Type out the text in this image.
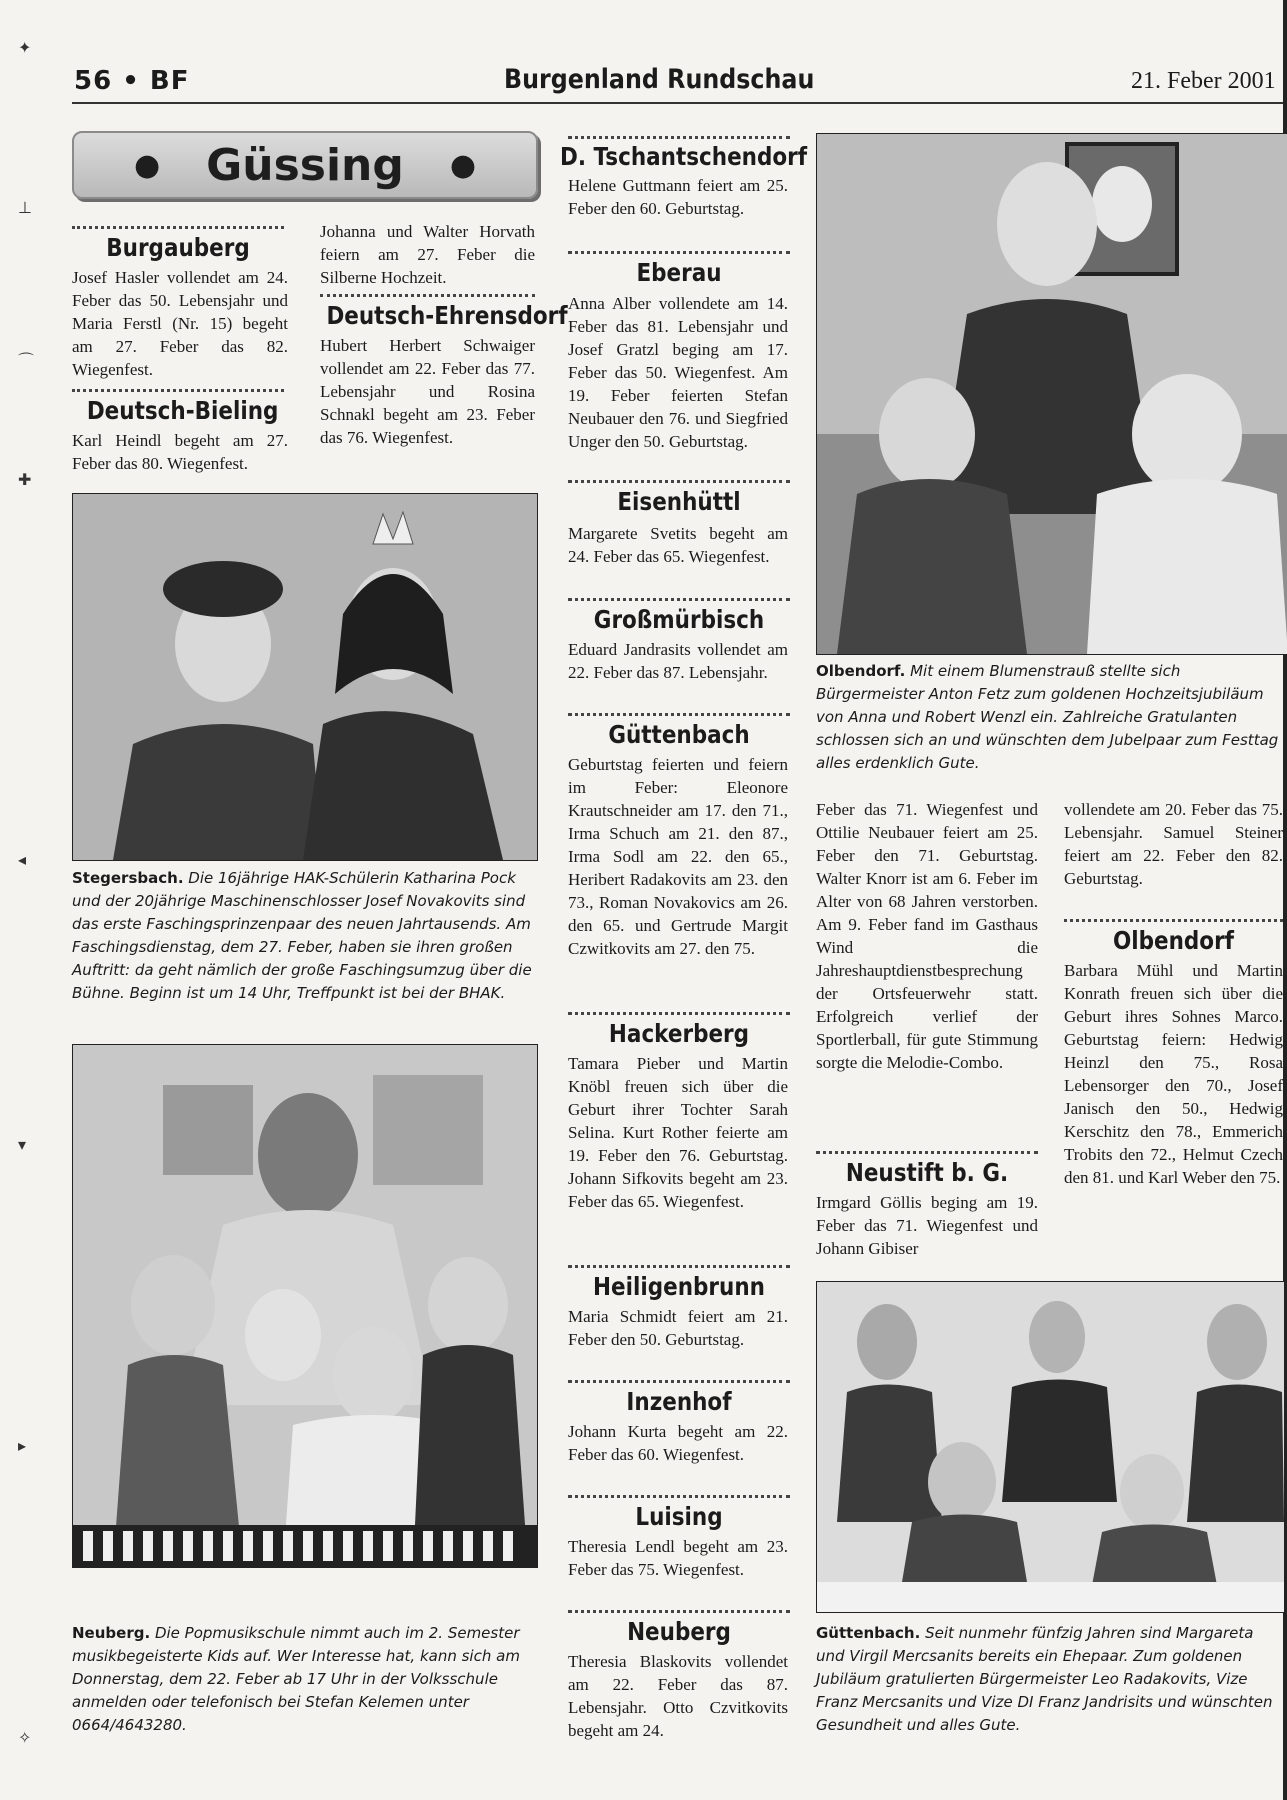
56 • BF	Burgenland Rundschau	21. Feber 2001
✦
⊥
⌒
✚
◂
▾
▸
✧
● Güssing ●
Burgauberg
Josef Hasler vollendet am 24. Feber das 50. Lebensjahr und Maria Ferstl (Nr. 15) begeht am 27. Feber das 82. Wiegenfest.
Deutsch-Bieling
Karl Heindl begeht am 27. Feber das 80. Wiegenfest.
Johanna und Walter Horvath feiern am 27. Feber die Silberne Hochzeit.
Deutsch-Ehrensdorf
Hubert Herbert Schwaiger vollendet am 22. Feber das 77. Lebensjahr und Rosina Schnakl begeht am 23. Feber das 76. Wiegenfest.
Stegersbach. Die 16jährige HAK-Schülerin Katharina Pock und der 20jährige Maschinenschlosser Josef Novakovits sind das erste Faschingsprinzenpaar des neuen Jahrtausends. Am Faschingsdienstag, dem 27. Feber, haben sie ihren großen Auftritt: da geht nämlich der große Faschingsumzug über die Bühne. Beginn ist um 14 Uhr, Treffpunkt ist bei der BHAK.
Neuberg. Die Popmusikschule nimmt auch im 2. Semester musikbegeisterte Kids auf. Wer Interesse hat, kann sich am Donnerstag, dem 22. Feber ab 17 Uhr in der Volksschule anmelden oder telefonisch bei Stefan Kelemen unter 0664/4643280.
D. Tschantschendorf
Helene Guttmann feiert am 25. Feber den 60. Geburtstag.
Eberau
Anna Alber vollendete am 14. Feber das 81. Lebensjahr und Josef Gratzl beging am 17. Feber das 50. Wiegenfest. Am 19. Feber feierten Stefan Neubauer den 76. und Siegfried Unger den 50. Geburtstag.
Eisenhüttl
Margarete Svetits begeht am 24. Feber das 65. Wiegenfest.
Großmürbisch
Eduard Jandrasits vollendet am 22. Feber das 87. Lebensjahr.
Güttenbach
Geburtstag feierten und feiern im Feber: Eleonore Krautschneider am 17. den 71., Irma Schuch am 21. den 87., Irma Sodl am 22. den 65., Heribert Radakovits am 23. den 73., Roman Novakovics am 26. den 65. und Gertrude Margit Czwitkovits am 27. den 75.
Hackerberg
Tamara Pieber und Martin Knöbl freuen sich über die Geburt ihrer Tochter Sarah Selina. Kurt Rother feierte am 19. Feber den 76. Geburtstag. Johann Sifkovits begeht am 23. Feber das 65. Wiegenfest.
Heiligenbrunn
Maria Schmidt feiert am 21. Feber den 50. Geburtstag.
Inzenhof
Johann Kurta begeht am 22. Feber das 60. Wiegenfest.
Luising
Theresia Lendl begeht am 23. Feber das 75. Wiegenfest.
Neuberg
Theresia Blaskovits vollendet am 22. Feber das 87. Lebensjahr. Otto Czvitkovits begeht am 24.
Olbendorf. Mit einem Blumenstrauß stellte sich Bürgermeister Anton Fetz zum goldenen Hochzeitsjubiläum von Anna und Robert Wenzl ein. Zahlreiche Gratulanten schlossen sich an und wünschten dem Jubelpaar zum Festtag alles erdenklich Gute.
Feber das 71. Wiegenfest und Ottilie Neubauer feiert am 25. Feber den 71. Geburtstag. Walter Knorr ist am 6. Feber im Alter von 68 Jahren verstorben. Am 9. Feber fand im Gasthaus Wind die Jahreshauptdienstbesprechung der Ortsfeuerwehr statt. Erfolgreich verlief der Sportlerball, für gute Stimmung sorgte die Melodie-Combo.
Neustift b. G.
Irmgard Göllis beging am 19. Feber das 71. Wiegenfest und Johann Gibiser
vollendete am 20. Feber das 75. Lebensjahr. Samuel Steiner feiert am 22. Feber den 82. Geburtstag.
Olbendorf
Barbara Mühl und Martin Konrath freuen sich über die Geburt ihres Sohnes Marco. Geburtstag feiern: Hedwig Heinzl den 75., Rosa Lebensorger den 70., Josef Janisch den 50., Hedwig Kerschitz den 78., Emmerich Trobits den 72., Helmut Czech den 81. und Karl Weber den 75.
Güttenbach. Seit nunmehr fünfzig Jahren sind Margareta und Virgil Mercsanits bereits ein Ehepaar. Zum goldenen Jubiläum gratulierten Bürgermeister Leo Radakovits, Vize Franz Mercsanits und Vize DI Franz Jandrisits und wünschten Gesundheit und alles Gute.
